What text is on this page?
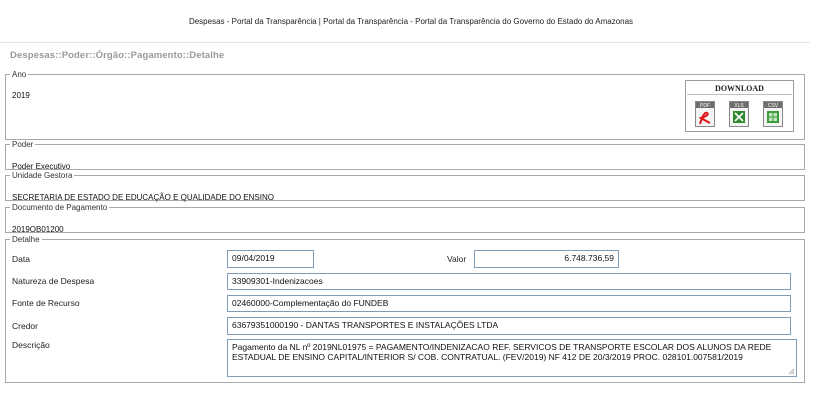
Despesas - Portal da Transparência | Portal da Transparência - Portal da Transparência do Governo do Estado do Amazonas
Despesas::Poder::Órgão::Pagamento::Detalhe
Ano
2019
DOWNLOAD
PDF	XLS	CSV
Poder
Poder Executivo
Unidade Gestora
SECRETARIA DE ESTADO DE EDUCAÇÃO E QUALIDADE DO ENSINO
Documento de Pagamento
2019OB01200
Detalhe
Data	09/04/2019	Valor	6.748.736,59
Natureza de Despesa	33909301-Indenizacoes
Fonte de Recurso	02460000-Complementação do FUNDEB
Credor	63679351000190 - DANTAS TRANSPORTES E INSTALAÇÕES LTDA
Descrição	Pagamento da NL nº 2019NL01975 = PAGAMENTO/INDENIZACAO REF. SERVICOS DE TRANSPORTE ESCOLAR DOS ALUNOS DA REDE ESTADUAL DE ENSINO CAPITAL/INTERIOR S/ COB. CONTRATUAL. (FEV/2019) NF 412 DE 20/3/2019 PROC. 028101.007581/2019
